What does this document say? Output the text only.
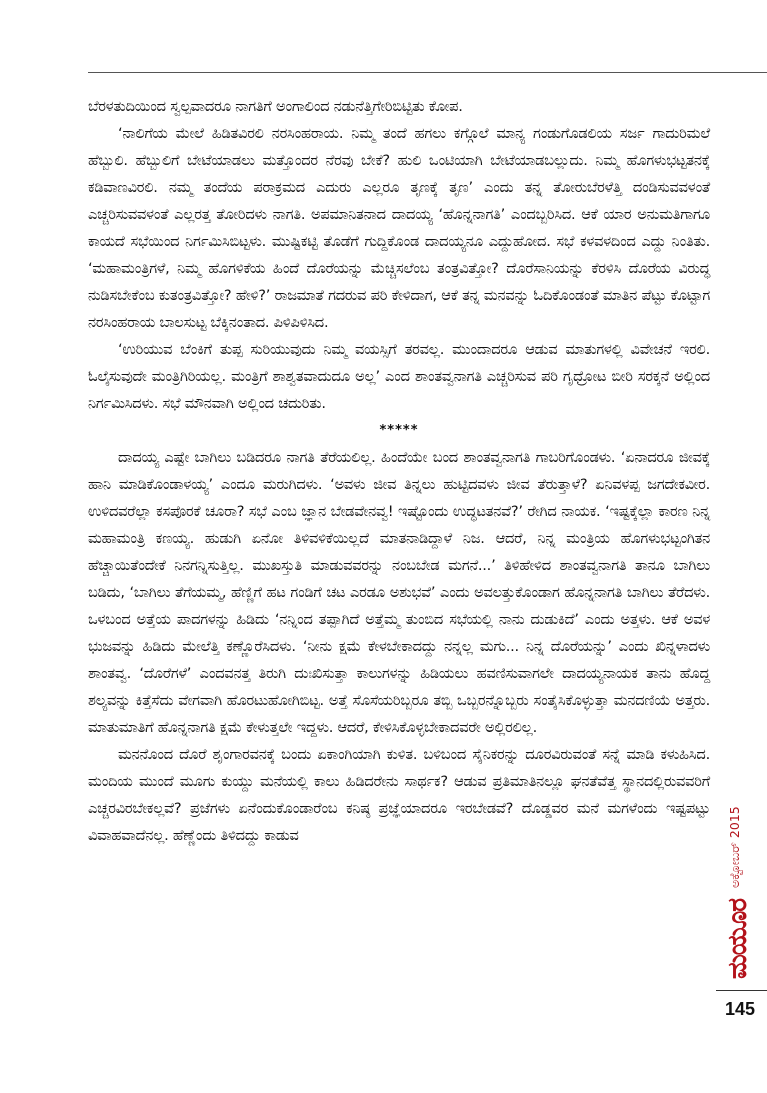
ಬೆರಳತುದಿಯಿಂದ ಸ್ವಲ್ಪವಾದರೂ ನಾಗತಿಗೆ ಅಂಗಾಲಿಂದ ನಡುನೆತ್ತಿಗೇರಿಬಿಟ್ಟಿತು ಕೋಪ.

‘ನಾಲಿಗೆಯ ಮೇಲೆ ಹಿಡಿತವಿರಲಿ ನರಸಿಂಹರಾಯ. ನಿಮ್ಮ ತಂದೆ ಹಗಲು ಕಗ್ಗೊಲೆ ಮಾನ್ಯ ಗಂಡುಗೊಡಲಿಯ ಸರ್ಜ ಗಾದುರಿಮಲೆ ಹೆಬ್ಬುಲಿ. ಹೆಬ್ಬುಲಿಗೆ ಬೇಟೆಯಾಡಲು ಮತ್ತೊಂದರ ನೆರವು ಬೇಕೆ? ಹುಲಿ ಒಂಟಿಯಾಗಿ ಬೇಟೆಯಾಡಬಲ್ಲುದು. ನಿಮ್ಮ ಹೊಗಳುಭಟ್ಟತನಕ್ಕೆ ಕಡಿವಾಣವಿರಲಿ. ನಮ್ಮ ತಂದೆಯ ಪರಾಕ್ರಮದ ಎದುರು ಎಲ್ಲರೂ ತೃಣಕ್ಕೆ ತೃಣ’ ಎಂದು ತನ್ನ ತೋರುಬೆರಳೆತ್ತಿ ದಂಡಿಸುವವಳಂತೆ ಎಚ್ಚರಿಸುವವಳಂತೆ ಎಲ್ಲರತ್ತ ತೋರಿದಳು ನಾಗತಿ. ಅಪಮಾನಿತನಾದ ದಾದಯ್ಯ ‘ಹೊನ್ನನಾಗತಿ’ ಎಂದಬ್ಬರಿಸಿದ. ಆಕೆ ಯಾರ ಅನುಮತಿಗಾಗೂ ಕಾಯದೆ ಸಭೆಯಿಂದ ನಿರ್ಗಮಿಸಿಬಿಟ್ಟಳು. ಮುಷ್ಟಿಕಟ್ಟಿ ತೊಡೆಗೆ ಗುದ್ದಿಕೊಂಡ ದಾದಯ್ಯನೂ ಎದ್ದುಹೋದ. ಸಭೆ ಕಳವಳದಿಂದ ಎದ್ದು ನಿಂತಿತು. ‘ಮಹಾಮಂತ್ರಿಗಳೆ, ನಿಮ್ಮ ಹೊಗಳಿಕೆಯ ಹಿಂದೆ ದೊರೆಯನ್ನು ಮೆಚ್ಚಿಸಲೆಂಬ ತಂತ್ರವಿತ್ತೋ? ದೊರೆಸಾನಿಯನ್ನು ಕೆರಳಿಸಿ ದೊರೆಯ ವಿರುದ್ಧ ನುಡಿಸಬೇಕೆಂಬ ಕುತಂತ್ರವಿತ್ತೋ? ಹೇಳಿ?’ ರಾಜಮಾತೆ ಗದರುವ ಪರಿ ಕೇಳಿದಾಗ, ಆಕೆ ತನ್ನ ಮನವನ್ನು ಓದಿಕೊಂಡಂತೆ ಮಾತಿನ ಪೆಟ್ಟು ಕೊಟ್ಟಾಗ ನರಸಿಂಹರಾಯ ಬಾಲಸುಟ್ಟ ಬೆಕ್ಕಿನಂತಾದ. ಪಿಳಿಪಿಳಿಸಿದ.

‘ಉರಿಯುವ ಬೆಂಕಿಗೆ ತುಪ್ಪ ಸುರಿಯುವುದು ನಿಮ್ಮ ವಯಸ್ಸಿಗೆ ತರವಲ್ಲ. ಮುಂದಾದರೂ ಆಡುವ ಮಾತುಗಳಲ್ಲಿ ವಿವೇಚನೆ ಇರಲಿ. ಓಲೈಸುವುದೇ ಮಂತ್ರಿಗಿರಿಯಲ್ಲ. ಮಂತ್ರಿಗೆ ಶಾಶ್ವತವಾದುದೂ ಅಲ್ಲ’ ಎಂದ ಶಾಂತವ್ವನಾಗತಿ ಎಚ್ಚರಿಸುವ ಪರಿ ಗೃಧ್ರೋಟ ಬೀರಿ ಸರಕ್ಕನೆ ಅಲ್ಲಿಂದ ನಿರ್ಗಮಿಸಿದಳು. ಸಭೆ ಮೌನವಾಗಿ ಅಲ್ಲಿಂದ ಚದುರಿತು.

*****

ದಾದಯ್ಯ ಎಷ್ಟೇ ಬಾಗಿಲು ಬಡಿದರೂ ನಾಗತಿ ತೆರೆಯಲಿಲ್ಲ. ಹಿಂದೆಯೇ ಬಂದ ಶಾಂತವ್ವನಾಗತಿ ಗಾಬರಿಗೊಂಡಳು. ‘ಏನಾದರೂ ಜೀವಕ್ಕೆ ಹಾನಿ ಮಾಡಿಕೊಂಡಾಳಯ್ಯ’ ಎಂದೂ ಮರುಗಿದಳು. ‘ಅವಳು ಜೀವ ತಿನ್ನಲು ಹುಟ್ಟಿದವಳು ಜೀವ ತೆರುತ್ತಾಳೆ? ಏನಿವಳಪ್ಪ ಜಗದೇಕವೀರ. ಉಳಿದವರೆಲ್ಲಾ ಕಸಪೊರಕೆ ಚೂರಾ? ಸಭೆ ಎಂಬ ಜ್ಞಾನ ಬೇಡವೇನವ್ವ! ಇಷ್ಟೊಂದು ಉದ್ಧಟತನವೆ?’ ರೇಗಿದ ನಾಯಕ. ‘ಇಷ್ಟಕ್ಕೆಲ್ಲಾ ಕಾರಣ ನಿನ್ನ ಮಹಾಮಂತ್ರಿ ಕಣಯ್ಯ. ಹುಡುಗಿ ಏನೋ ತಿಳಿವಳಿಕೆಯಿಲ್ಲದೆ ಮಾತನಾಡಿದ್ದಾಳೆ ನಿಜ. ಆದರೆ, ನಿನ್ನ ಮಂತ್ರಿಯ ಹೊಗಳುಭಟ್ಟಂಗಿತನ ಹೆಚ್ಚಾಯಿತೆಂದೇಕೆ ನಿನಗನ್ನಿಸುತ್ತಿಲ್ಲ. ಮುಖಸ್ತುತಿ ಮಾಡುವವರನ್ನು ನಂಬಬೇಡ ಮಗನೆ...’ ತಿಳಿಹೇಳಿದ ಶಾಂತವ್ವನಾಗತಿ ತಾನೂ ಬಾಗಿಲು ಬಡಿದು, ‘ಬಾಗಿಲು ತೆಗೆಯಮ್ಮ, ಹೆಣ್ಣಿಗೆ ಹಟ ಗಂಡಿಗೆ ಚಟ ಎರಡೂ ಅಶುಭವೆ’ ಎಂದು ಅವಲತ್ತುಕೊಂಡಾಗ ಹೊನ್ನನಾಗತಿ ಬಾಗಿಲು ತೆರೆದಳು. ಒಳಬಂದ ಅತ್ತೆಯ ಪಾದಗಳನ್ನು ಹಿಡಿದು ‘ನನ್ನಿಂದ ತಪ್ಪಾಗಿದೆ ಅತ್ತೆಮ್ಮ ತುಂಬಿದ ಸಭೆಯಲ್ಲಿ ನಾನು ದುಡುಕಿದೆ’ ಎಂದು ಅತ್ತಳು. ಆಕೆ ಅವಳ ಭುಜವನ್ನು ಹಿಡಿದು ಮೇಲೆತ್ತಿ ಕಣ್ಣೊರೆಸಿದಳು. ‘ನೀನು ಕ್ಷಮೆ ಕೇಳಬೇಕಾದದ್ದು ನನ್ನಲ್ಲ ಮಗು... ನಿನ್ನ ದೊರೆಯನ್ನು’ ಎಂದು ಖಿನ್ನಳಾದಳು ಶಾಂತವ್ವ. ‘ದೊರೆಗಳೆ’ ಎಂದವನತ್ತ ತಿರುಗಿ ದುಃಖಿಸುತ್ತಾ ಕಾಲುಗಳನ್ನು ಹಿಡಿಯಲು ಹವಣಿಸುವಾಗಲೇ ದಾದಯ್ಯನಾಯಕ ತಾನು ಹೊದ್ದ ಶಲ್ಯವನ್ನು ಕಿತ್ತೆಸೆದು ವೇಗವಾಗಿ ಹೊರಟುಹೋಗಿಬಿಟ್ಟ. ಅತ್ತೆ ಸೊಸೆಯರಿಬ್ಬರೂ ತಬ್ಬಿ ಒಬ್ಬರನ್ನೊಬ್ಬರು ಸಂತೈಸಿಕೊಳ್ಳುತ್ತಾ ಮನದಣಿಯೆ ಅತ್ತರು. ಮಾತುಮಾತಿಗೆ ಹೊನ್ನನಾಗತಿ ಕ್ಷಮೆ ಕೇಳುತ್ತಲೇ ಇದ್ದಳು. ಆದರೆ, ಕೇಳಿಸಿಕೊಳ್ಳಬೇಕಾದವರೇ ಅಲ್ಲಿರಲಿಲ್ಲ.

ಮನನೊಂದ ದೊರೆ ಶೃಂಗಾರವನಕ್ಕೆ ಬಂದು ಏಕಾಂಗಿಯಾಗಿ ಕುಳಿತ. ಬಳಿಬಂದ ಸೈನಿಕರನ್ನು ದೂರವಿರುವಂತೆ ಸನ್ನೆ ಮಾಡಿ ಕಳುಹಿಸಿದ. ಮಂದಿಯ ಮುಂದೆ ಮೂಗು ಕುಯ್ದು ಮನೆಯಲ್ಲಿ ಕಾಲು ಹಿಡಿದರೇನು ಸಾರ್ಥಕ? ಆಡುವ ಪ್ರತಿಮಾತಿನಲ್ಲೂ ಘನತೆವೆತ್ತ ಸ್ಥಾನದಲ್ಲಿರುವವರಿಗೆ ಎಚ್ಚರವಿರಬೇಕಲ್ಲವೆ? ಪ್ರಜೆಗಳು ಏನೆಂದುಕೊಂಡಾರೆಂಬ ಕನಿಷ್ಠ ಪ್ರಜ್ಞೆಯಾದರೂ ಇರಬೇಡವೆ? ದೊಡ್ಡವರ ಮನೆ ಮಗಳೆಂದು ಇಷ್ಟಪಟ್ಟು ವಿವಾಹವಾದೆನಲ್ಲ. ಹೆಣ್ಣೆಂದು ತಿಳಿದದ್ದು ಕಾಡುವ	ಅಕ್ಟೋಬರ್ 2015
ಮಯೂರ
145
